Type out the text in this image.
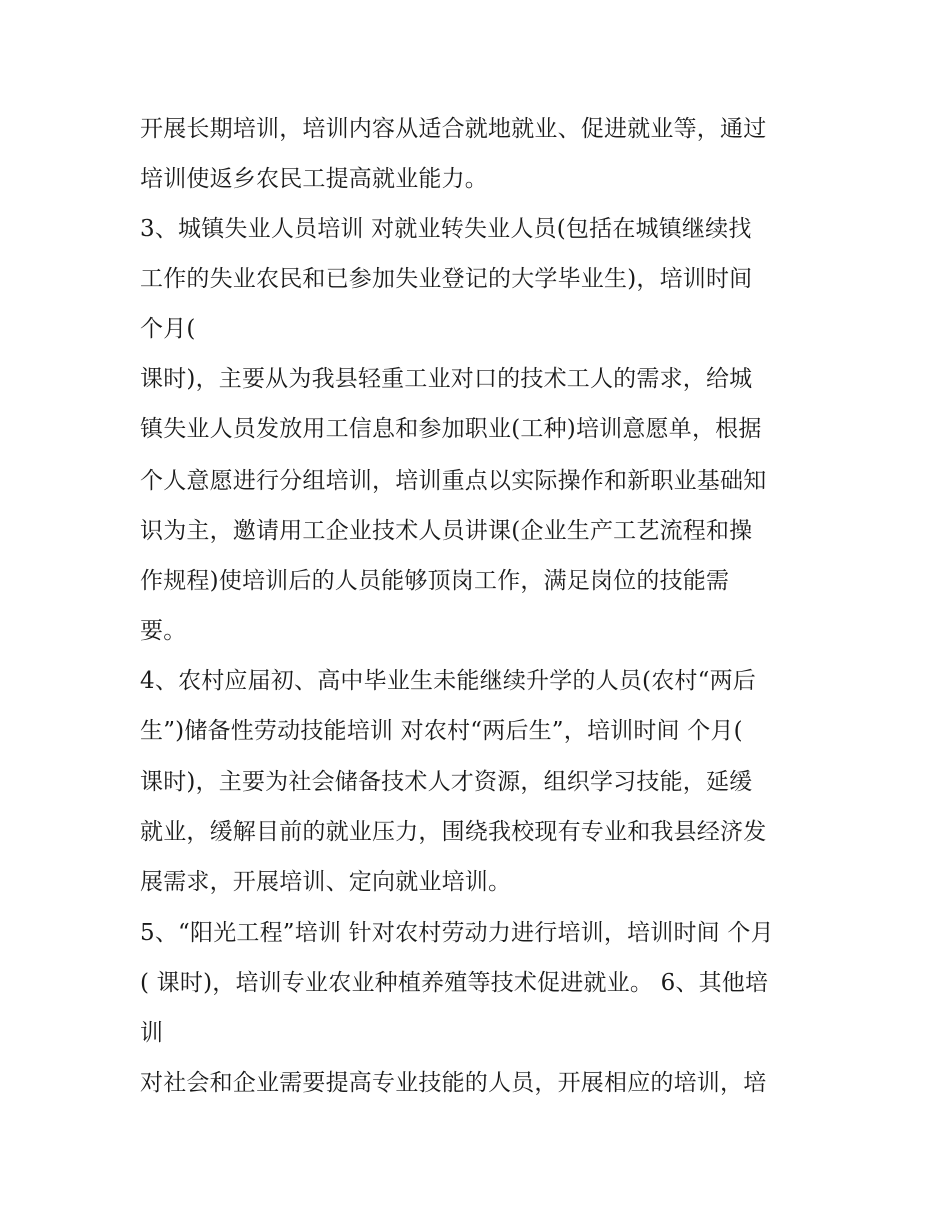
开展长期培训，培训内容从适合就地就业、促进就业等，通过
培训使返乡农民工提高就业能力。
3、城镇失业人员培训 对就业转失业人员(包括在城镇继续找
工作的失业农民和已参加失业登记的大学毕业生)，培训时间
个月(
课时)，主要从为我县轻重工业对口的技术工人的需求，给城
镇失业人员发放用工信息和参加职业(工种)培训意愿单，根据
个人意愿进行分组培训，培训重点以实际操作和新职业基础知
识为主，邀请用工企业技术人员讲课(企业生产工艺流程和操
作规程)使培训后的人员能够顶岗工作，满足岗位的技能需
要。
4、农村应届初、高中毕业生未能继续升学的人员(农村“两后
生”)储备性劳动技能培训 对农村“两后生”，培训时间 个月(
课时)，主要为社会储备技术人才资源，组织学习技能，延缓
就业，缓解目前的就业压力，围绕我校现有专业和我县经济发
展需求，开展培训、定向就业培训。
5、“阳光工程”培训 针对农村劳动力进行培训，培训时间 个月
( 课时)，培训专业农业种植养殖等技术促进就业。 6、其他培
训
对社会和企业需要提高专业技能的人员，开展相应的培训，培
